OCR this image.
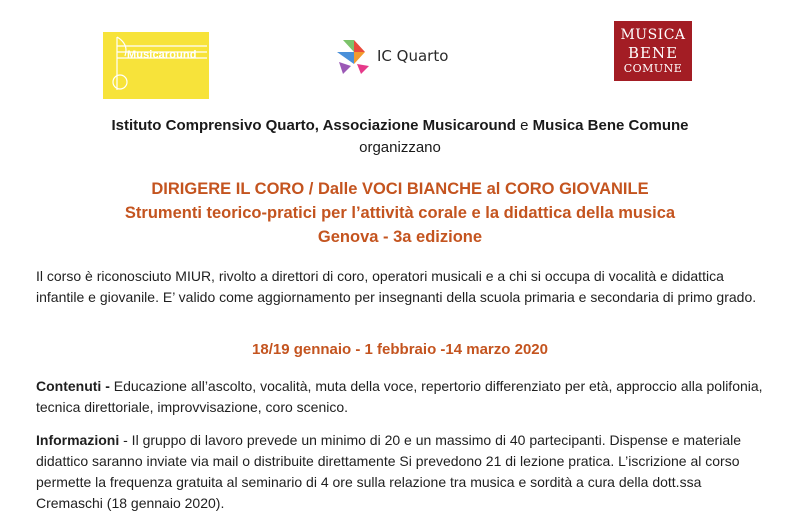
Musicaround	IC Quarto
MUSICA
BENE
COMUNE
Istituto Comprensivo Quarto, Associazione Musicaround e Musica Bene Comune
organizzano
DIRIGERE IL CORO / Dalle VOCI BIANCHE al CORO GIOVANILE
Strumenti teorico-pratici per l’attività corale e la didattica della musica
Genova - 3a edizione
Il corso è riconosciuto MIUR, rivolto a direttori di coro, operatori musicali e a chi si occupa di vocalità e didattica infantile e giovanile. E’ valido come aggiornamento per insegnanti della scuola primaria e secondaria di primo grado.
18/19 gennaio - 1 febbraio -14 marzo 2020
Contenuti - Educazione all’ascolto, vocalità, muta della voce, repertorio differenziato per età, approccio alla polifonia, tecnica direttoriale, improvvisazione, coro scenico.
Informazioni - Il gruppo di lavoro prevede un minimo di 20 e un massimo di 40 partecipanti. Dispense e materiale didattico saranno inviate via mail o distribuite direttamente Si prevedono 21 di lezione pratica. L’iscrizione al corso permette la frequenza gratuita al seminario di 4 ore sulla relazione tra musica e sordità a cura della dott.ssa Cremaschi (18 gennaio 2020).
